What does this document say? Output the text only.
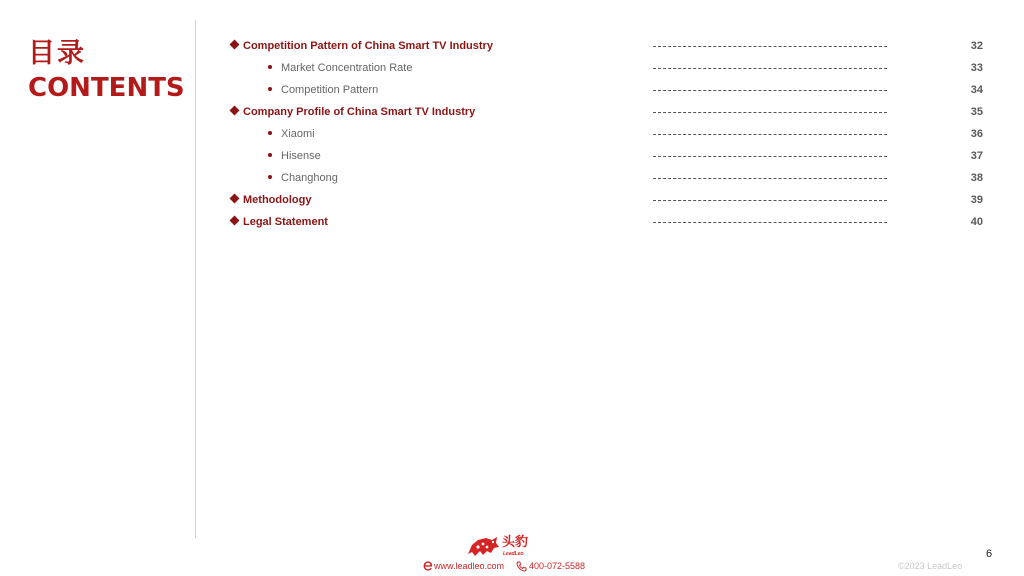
目录
CONTENTS
Competition Pattern of China Smart TV Industry	32
Market Concentration Rate	33
Competition Pattern	34
Company Profile of China Smart TV Industry	35
Xiaomi	36
Hisense	37
Changhong	38
Methodology	39
Legal Statement	40
头豹
LeadLeo
www.leadleo.com	400-072-5588
6
©2023 LeadLeo
